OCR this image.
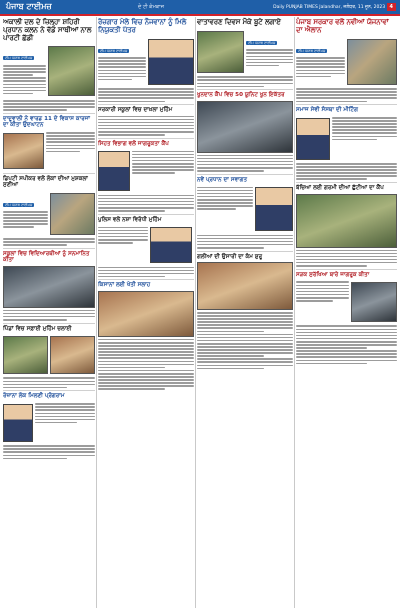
ਪੰਜਾਬ ਟਾਈਮਜ਼	ਦੇ ਟੀ ਕੰਮਕਾਜ	Daily PUNJAB TIMES Jalandhar, ਜਲੰਧਰ, 11 ਜੂਨ, 2023 4
ਅਕਾਲੀ ਦਲ ਦੇ ਜ਼ਿਲ੍ਹਾ ਸ਼ਹਿਰੀ ਪ੍ਰਧਾਨ ਕਲਨ ਨੇ ਵੱਡੇ ਸਾਥੀਆਂ ਨਾਲ ਪਾਰਟੀ ਛੱਡੀ
ਟੀਮ ਪੰਜਾਬ ਟਾਈਮਜ਼
ਦਾਦੂਵਾਲੀ ਨੇ ਵਾਰਡ 11 ਦੇ ਵਿਕਾਸ ਕਾਰਜਾਂ ਦਾ ਕੀਤਾ ਉਦਘਾਟਨ
ਡਿਪਟੀ ਸਪੀਕਰ ਵਲੋਂ ਲੋਕਾਂ ਦੀਆਂ ਮੁਸ਼ਕਲਾਂ ਸੁਣੀਆਂ
ਟੀਮ ਪੰਜਾਬ ਟਾਈਮਜ਼
ਸਕੂਲਾਂ ਵਿਚ ਵਿਦਿਆਰਥੀਆਂ ਨੂੰ ਸਨਮਾਨਿਤ ਕੀਤਾ
ਪਿੰਡਾਂ ਵਿਚ ਸਫ਼ਾਈ ਮੁਹਿੰਮ ਚਲਾਈ
ਰੋਜ਼ਾਨਾ ਲੋਕ ਮਿਲਣੀ ਪ੍ਰੋਗਰਾਮ
ਰੋਜ਼ਗਾਰ ਮੇਲੇ ਵਿਚ ਨੌਜਵਾਨਾਂ ਨੂੰ ਮਿਲੇ ਨਿਯੁਕਤੀ ਪੱਤਰ
ਟੀਮ ਪੰਜਾਬ ਟਾਈਮਜ਼
ਸਰਕਾਰੀ ਸਕੂਲਾਂ ਵਿਚ ਦਾਖ਼ਲਾ ਮੁਹਿੰਮ
ਸਿਹਤ ਵਿਭਾਗ ਵਲੋਂ ਜਾਗਰੂਕਤਾ ਕੈਂਪ
ਪੁਲਿਸ ਵਲੋਂ ਨਸ਼ਾ ਵਿਰੋਧੀ ਮੁਹਿੰਮ
ਕਿਸਾਨਾਂ ਲਈ ਖੇਤੀ ਸਲਾਹ
ਵਾਤਾਵਰਣ ਦਿਵਸ ਮੌਕੇ ਬੂਟੇ ਲਗਾਏ
ਟੀਮ ਪੰਜਾਬ ਟਾਈਮਜ਼
ਖੂਨਦਾਨ ਕੈਂਪ ਵਿਚ 50 ਯੂਨਿਟ ਖੂਨ ਇਕੱਤਰ
ਨਵੇਂ ਪ੍ਰਧਾਨ ਦਾ ਸਵਾਗਤ
ਗਲੀਆਂ ਦੀ ਉਸਾਰੀ ਦਾ ਕੰਮ ਸ਼ੁਰੂ
ਪੰਜਾਬ ਸਰਕਾਰ ਵਲੋਂ ਨਵੀਆਂ ਯੋਜਨਾਵਾਂ ਦਾ ਐਲਾਨ
ਟੀਮ ਪੰਜਾਬ ਟਾਈਮਜ਼
ਸਮਾਜ ਸੇਵੀ ਸੰਸਥਾ ਦੀ ਮੀਟਿੰਗ
ਬੱਚਿਆਂ ਲਈ ਗਰਮੀ ਦੀਆਂ ਛੁੱਟੀਆਂ ਦਾ ਕੈਂਪ
ਸੜਕ ਸੁਰੱਖਿਆ ਬਾਰੇ ਜਾਗਰੂਕ ਕੀਤਾ
